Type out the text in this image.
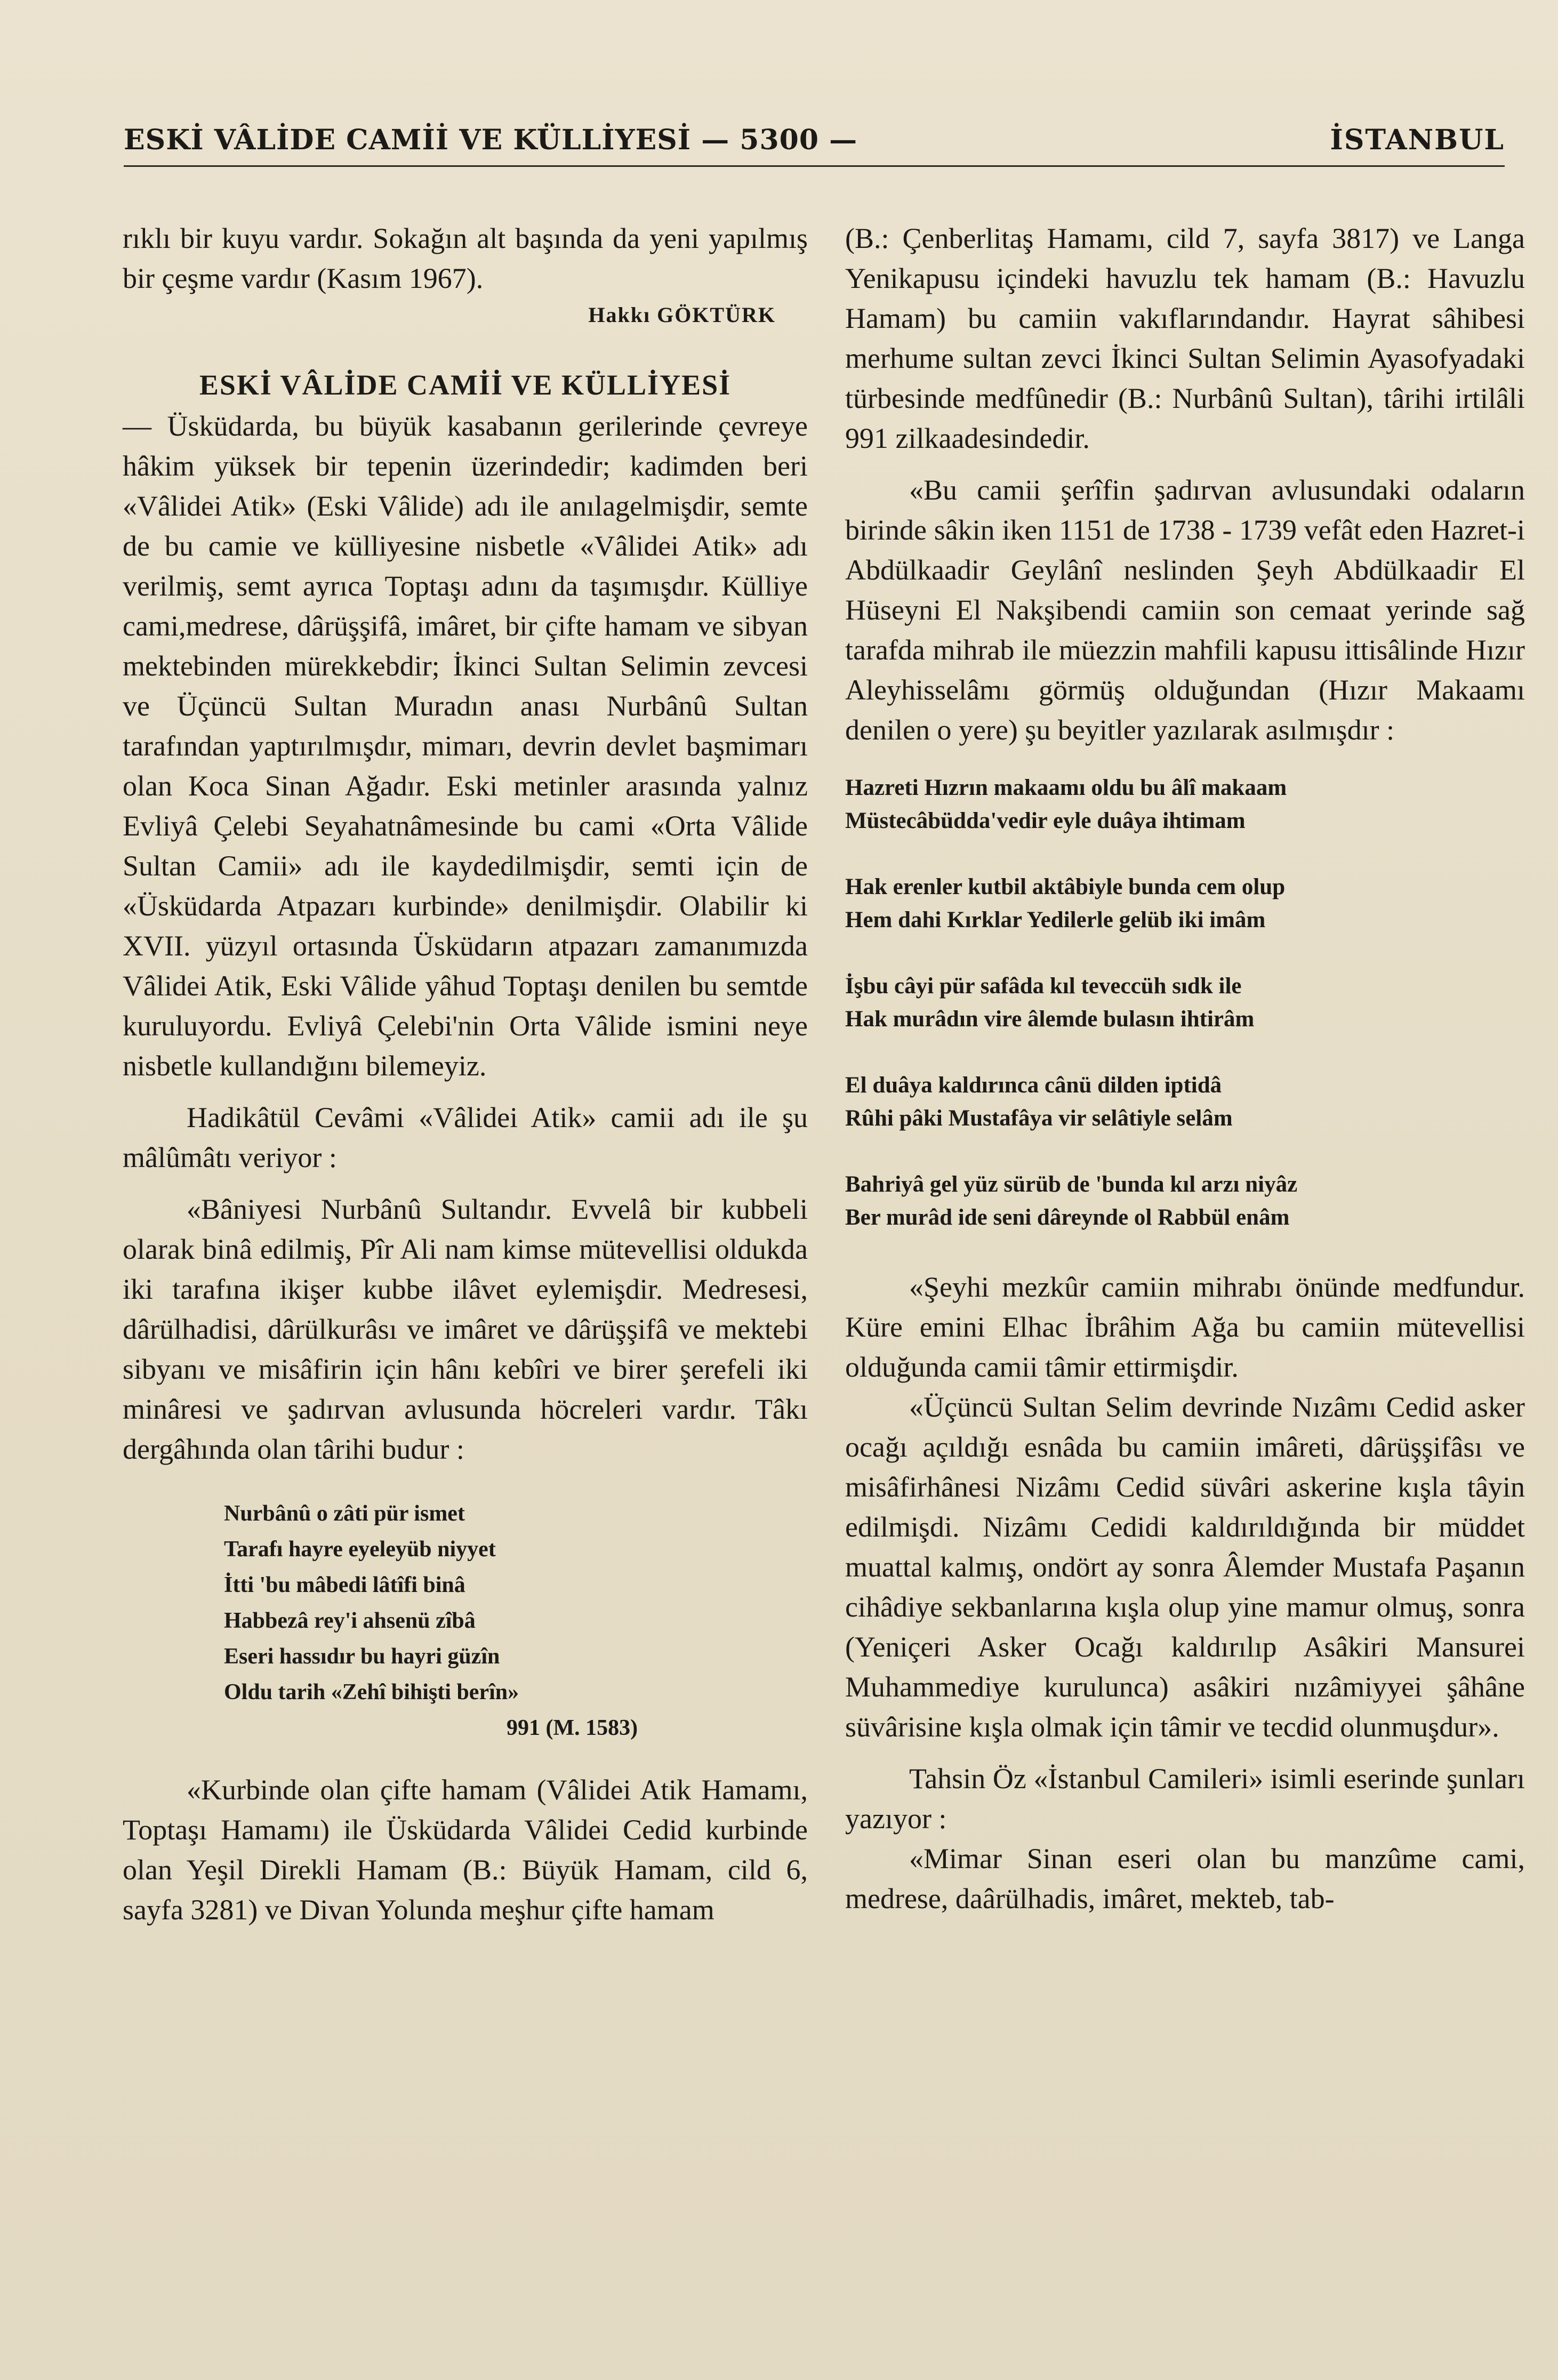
ESKİ VÂLİDE CAMİİ VE KÜLLİYESİ — 5300 —	İSTANBUL

rıklı bir kuyu vardır. Sokağın alt başında da yeni yapılmış bir çeşme vardır (Kasım 1967).

Hakkı GÖKTÜRK

ESKİ VÂLİDE CAMİİ VE KÜLLİYESİ

— Üsküdarda, bu büyük kasabanın gerilerinde çevreye hâkim yüksek bir tepenin üzerindedir; kadimden beri «Vâlidei Atik» (Eski Vâlide) adı ile anılagelmişdir, semte de bu camie ve külliyesine nisbetle «Vâlidei Atik» adı verilmiş, semt ayrıca Toptaşı adını da taşımışdır. Külliye cami,medrese, dârüşşifâ, imâret, bir çifte hamam ve sibyan mektebinden mürekkebdir; İkinci Sultan Selimin zevcesi ve Üçüncü Sultan Muradın anası Nurbânû Sultan tarafından yaptırılmışdır, mimarı, devrin devlet başmimarı olan Koca Sinan Ağadır. Eski metinler arasında yalnız Evliyâ Çelebi Seyahatnâmesinde bu cami «Orta Vâlide Sultan Camii» adı ile kaydedilmişdir, semti için de «Üsküdarda Atpazarı kurbinde» denilmişdir. Olabilir ki XVII. yüzyıl ortasında Üsküdarın atpazarı zamanımızda Vâlidei Atik, Eski Vâlide yâhud Toptaşı denilen bu semtde kuruluyordu. Evliyâ Çelebi'nin Orta Vâlide ismini neye nisbetle kullandığını bilemeyiz.

Hadikâtül Cevâmi «Vâlidei Atik» camii adı ile şu mâlûmâtı veriyor :

«Bâniyesi Nurbânû Sultandır. Evvelâ bir kubbeli olarak binâ edilmiş, Pîr Ali nam kimse mütevellisi oldukda iki tarafına ikişer kubbe ilâvet eylemişdir. Medresesi, dârülhadisi, dârülkurâsı ve imâret ve dârüşşifâ ve mektebi sibyanı ve misâfirin için hânı kebîri ve birer şerefeli iki minâresi ve şadırvan avlusunda höcreleri vardır. Tâkı dergâhında olan târihi budur :

Nurbânû o zâti pür ismet
Tarafı hayre eyeleyüb niyyet
İtti 'bu mâbedi lâtîfi binâ
Habbezâ rey'i ahsenü zîbâ
Eseri hassıdır bu hayri güzîn
Oldu tarih «Zehî bihişti berîn»
991 (M. 1583)

«Kurbinde olan çifte hamam (Vâlidei Atik Hamamı, Toptaşı Hamamı) ile Üsküdarda Vâlidei Cedid kurbinde olan Yeşil Direkli Hamam (B.: Büyük Hamam, cild 6, sayfa 3281) ve Divan Yolunda meşhur çifte hamam

(B.: Çenberlitaş Hamamı, cild 7, sayfa 3817) ve Langa Yenikapusu içindeki havuzlu tek hamam (B.: Havuzlu Hamam) bu camiin vakıflarındandır. Hayrat sâhibesi merhume sultan zevci İkinci Sultan Selimin Ayasofyadaki türbesinde medfûnedir (B.: Nurbânû Sultan), târihi irtilâli 991 zilkaadesindedir.

«Bu camii şerîfin şadırvan avlusundaki odaların birinde sâkin iken 1151 de 1738 - 1739 vefât eden Hazret-i Abdülkaadir Geylânî neslinden Şeyh Abdülkaadir El Hüseyni El Nakşibendi camiin son cemaat yerinde sağ tarafda mihrab ile müezzin mahfili kapusu ittisâlinde Hızır Aleyhisselâmı görmüş olduğundan (Hızır Makaamı denilen o yere) şu beyitler yazılarak asılmışdır :

Hazreti Hızrın makaamı oldu bu âlî makaam
Müstecâbüdda'vedir eyle duâya ihtimam
Hak erenler kutbil aktâbiyle bunda cem olup
Hem dahi Kırklar Yedilerle gelüb iki imâm
İşbu câyi pür safâda kıl teveccüh sıdk ile
Hak murâdın vire âlemde bulasın ihtirâm
El duâya kaldırınca cânü dilden iptidâ
Rûhi pâki Mustafâya vir selâtiyle selâm
Bahriyâ gel yüz sürüb de 'bunda kıl arzı niyâz
Ber murâd ide seni dâreynde ol Rabbül enâm

«Şeyhi mezkûr camiin mihrabı önünde medfundur. Küre emini Elhac İbrâhim Ağa bu camiin mütevellisi olduğunda camii tâmir ettirmişdir.

«Üçüncü Sultan Selim devrinde Nızâmı Cedid asker ocağı açıldığı esnâda bu camiin imâreti, dârüşşifâsı ve misâfirhânesi Nizâmı Cedid süvâri askerine kışla tâyin edilmişdi. Nizâmı Cedidi kaldırıldığında bir müddet muattal kalmış, ondört ay sonra Âlemder Mustafa Paşanın cihâdiye sekbanlarına kışla olup yine mamur olmuş, sonra (Yeniçeri Asker Ocağı kaldırılıp Asâkiri Mansurei Muhammediye kurulunca) asâkiri nızâmiyyei şâhâne süvârisine kışla olmak için tâmir ve tecdid olunmuşdur».

Tahsin Öz «İstanbul Camileri» isimli eserinde şunları yazıyor :

«Mimar Sinan eseri olan bu manzûme cami, medrese, daârülhadis, imâret, mekteb, tab-
